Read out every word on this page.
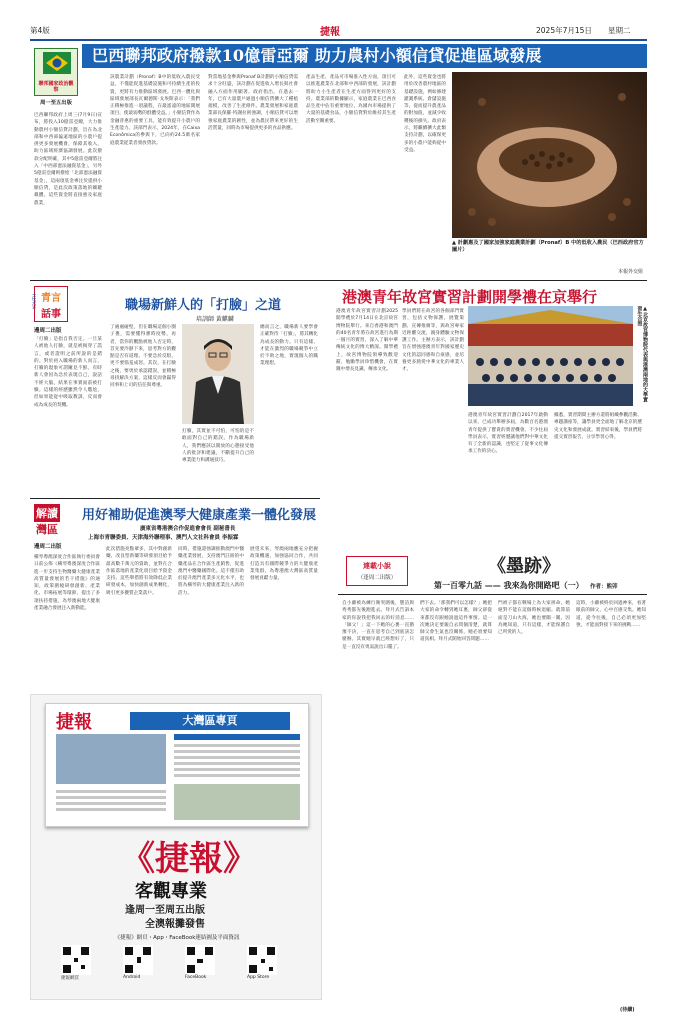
第4版	捷報	2025年7月15日 星期二
聯邦國家政治觀察
周一至五出版
巴西聯邦政府撥款10億雷亞爾 助力農村小額信貸促進區域發展

巴西聯邦政府上周三(7月9日)宣布，將投入10億雷亞爾，大力推動農村小額信貸計劃，旨在為北部和中西部偏遠地區的小農戶提供更多發展機會，保障其收入，助力區域經濟協調發展。此次撥款分配明確，其中5億雷亞爾將注入「中西部憲法融資基金」，另外5億雷亞爾則撥給「北部憲法融資基金」，這兩項基金專注於提供小額信貸，是此次政策落地的關鍵載體。這些資金將直接惠及家庭農業，

該農業計劃（Pronaf）B中的低收入農民受益，不僅能促進基礎設施和可持續生產的投資，更將有力推動區域發展。巴西一體化與區域發展部長瓦爾德斯·戈埃斯表示：「我們正積極推進一項議程，在最遙遠的地區開展項目，使最弱勢的群體受益。」小額信貸作為金融普惠的重要工具，能有效提升小農戶的生產能力。該部門表示，2024年，在Caixa Econômica的參與下，已向約24.5萬名家庭農業從業者發放貸款。

對當地基金參與Pronaf B計劃的小額信貸需求十分旺盛，該計劃在促進收入增長與社會融入方面作用顯著。政府指出，在過去一年，已有大量農戶通過小額信貸擴大了種植規模，改善了生產條件。農業發展和家庭農業部長保羅·特謝拉則強調，小額信貸可以增強家庭農業的韌性，並為農民帶來更好的生活質量，同時為市場提供更多的食品供應。

產品生產、產品可市場准入性方面，項目可以推進農業在北部和中西部的發展，該計劃將助力小生產者在生產方面得到更好的支持。農業部的數據顯示，家庭農業在巴西食品生產中佔有重要地位，為國內市場提供了大量的基礎食品，小額信貸對於維持其生產活動至關重要。

此外，這些資金也將用於改善農村地區的基礎設施，例如修建灌溉系統、倉儲設施等，從而提升農產品的附加值，並減少收穫後的損失。政府表示，將繼續擴大此類支持計劃，以確保更多的小農戶能夠從中受益。

▲ 計劃惠及了國家加強家庭農業計劃（Pronaf）B 中的低收入農民（巴西政府官方圖片）
本報外交組
YOUTH 青言
話事
邊周二出版
職場新鮮人的「打臉」之道
培訓師 黃麒麟

「打臉」是指自我否定。一旦某人被他人打臉，就是被揭穿了謊言，或者證明之前所說的是錯的。對於初入職場的新人而言，打臉的現象可謂屢見不鮮。有時新人會因為急於表現自己，說話不經大腦，結果在事實面前被打臉。這樣的經歷雖然令人尷尬，但如果能從中吸取教訓，反而會成為成長的契機。

了處處碰壁，但在職場這個小圈子裏，需要懂得審時度勢。再者，當你的觀點被他人否定時，首先要冷靜下來，思考對方的觀點是否有道理。不要急於反駁，更不要惱羞成怒。其次，在打臉之後，要勇於承認錯誤，並積極尋找解決方案，這樣反而會贏得同事和上司的信任與尊重。

打臉，其實並不可怕，可怕的是不敢面對自己的錯誤。作為職場新人，我們應該以開放的心態接受他人的批評和建議，不斷提升自己的專業能力和溝通技巧。

總而言之，職場新人要學會正確對待「打臉」，將其轉化為成長的動力。只有這樣，才能在激烈的職場競爭中立於不敗之地，實現個人的職業理想。

港澳青年故宮實習計劃開學禮在京舉行

港澳青年故宮實習計劃2025開學禮於7月14日在北京故宮博物院舉行。來自香港和澳門的40名青年將在故宮進行為期一個月的實習，深入了解中華傳統文化的博大精深。開學禮上，故宮博物院領導致歡迎辭，勉勵學員珍惜機會，在實踐中增長見識，傳承文化。

學員們將在故宮的各個部門實習，包括文物保護、展覽策劃、宣傳推廣等，與故宮專家近距離交流，親身體驗文物保護工作。主辦方表示，該計劃旨在增強港澳青年對國家歷史文化的認同感和自豪感，並培養更多熱愛中華文化的專業人才。

▲北京故宮博物院代表與港澳兩地的大學實習生合照

港澳青年故宮實習計劃自2017年啟動以來，已成功舉辦多屆，為數百名港澳青年提供了寶貴的實習機會。不少往屆學員表示，實習經歷讓他們對中華文化有了全新的認識，也堅定了從事文化傳承工作的決心。

據悉，實習期間主辦方還將組織參觀活動、專題講座等，讓學員更全面地了解北京的歷史文化和發展成就。實習結束後，學員們將提交實習報告，分享學習心得。

解讀
灣區
邊周二出版
用好補助促進澳琴大健康產業一體化發展
廣東省粵港澳合作促進會會長 副秘書長
上海市青聯委員、天津海外聯理事、澳門人文社科會員 李振霖

橫琴粵澳深度合作區執行委員會日前公佈《橫琴粵澳深度合作區進一步支持生物醫藥大健康產業高質量發展的若干措施》的通知，政策圍繞研發創新、產業化、市場拓展等環節，提出了多項扶持措施，為琴澳兩地大健康產業融合發展注入新動能。

此次措施亮點眾多，其中對創新藥、改良型新藥等研發項目給予最高數千萬元的資助，並對在合作區落地的產業化項目給予資金支持。這些舉措將有效降低企業研發成本，加快創新成果轉化，吸引更多優質企業落戶。

同時，措施還強調推動澳門中醫藥產業發展，支持澳門註冊的中藥產品在合作區生產銷售，促進澳門中醫藥國際化。這不僅有助於提升澳門產業多元化水平，也將為橫琴的大健康產業注入新的活力。

展望未來，琴澳兩地應充分把握政策機遇，加強協同合作，共同打造具有國際競爭力的大健康產業集群，為粵港澳大灣區高質量發展貢獻力量。

捷報	大灣區專頁
《捷報》
客觀專業
逢周一至周五出版
全澳報攤發售
《捷報》網頁・App・FaceBook連結圖及平面資訊
捷報網頁	Android	FaceBook	App Store
連載小說
（逢周二出版）
《墨跡》
第一百零九話 —— 我來為你開路吧（一） 作者：熊卯

自小藤被為練行衛突圍後，態詩與秀秀都先後跑進去。拜月式告訴本家的你說我把我回去的好消息……「師父！」這一下她的心裏一直猶豫不決，一直在思考自己到底該怎麼辦。其實她早就已經想好了，只是一直沒有勇氣說出口罷了。

們下去。「那我們可以怎樣？」她把大家的命令轉到她耳裏，師父卻從來都沒有跟她說過這件事情。這一次她決定要親自去問個清楚，就算師父會生氣也沒關係，她必須要知道真相。拜月式開始回答問題……

門被子都在戰場上為大家拼命，她絕對不能在這個時候退縮。就算前面是刀山火海，她也要闖一闖。因為她知道，只有這樣，才能保護自己所愛的人。

這時，小藤被終於回過神來，看著眼前的師父，心中百感交集。她知道，從今往後，自己必須更加堅強，才能面對接下來的挑戰……

(待續)
